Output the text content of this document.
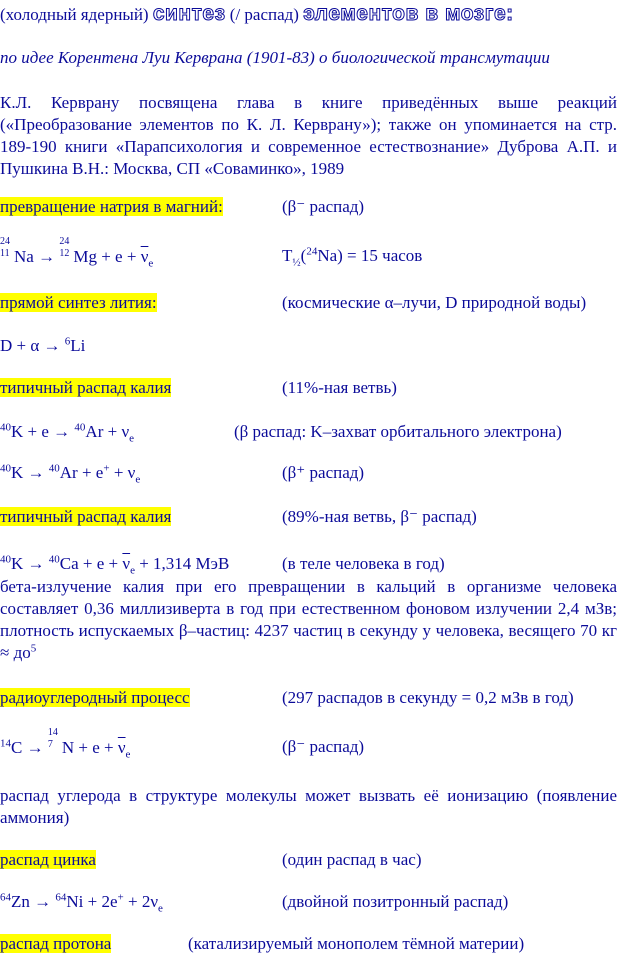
(холодный ядерный) синтез (/ распад) элементов в мозге:
по идее Корентена Луи Керврана (1901-83) о биологической трансмутации
К.Л. Керврану посвящена глава в книге приведённых выше реакций («Преобразование элементов по К. Л. Керврану»); также он упоминается на стр. 189-190 книги «Парапсихология и современное естествознание» Дуброва А.П. и Пушкина В.Н.: Москва, СП «Совaминко», 1989
превращение натрия в магний:	(β⁻ распад)
24
11 Na →
24
12 $Mg + e + \overline{\nu}_e$	$T_{\frac{1}{2}}(^{24}Na) = 15$ часов
прямой синтез лития:	(космические α–лучи, D природной воды)
D + α → $^6$Li
типичный распад калия	(11%-ная ветвь)
$^{40}K + e \to ^{40}Ar + \nu_e$	(β распад: K–захват орбитального электрона)
$^{40}K \to ^{40}Ar + e^+ + \nu_e$	(β⁺ распад)
типичный распад калия	(89%-ная ветвь, β⁻ распад)
$^{40}K \to ^{40}Ca + e + \overline{\nu}_e + 1,314$ МэВ	(в теле человека в год)
бета-излучение калия при его превращении в кальций в организме человека составляет 0,36 миллизиверта в год при естественном фоновом излучении 2,4 мЗв; плотность испускаемых β–частиц: 4237 частиц в секунду у человека, весящего 70 кг ≈ $до^5$
радиоуглеродный процесс	(297 распадов в секунду = 0,2 мЗв в год)
$^{14}$C →
14
7 $N + e + \overline{\nu}_e$	(β⁻ распад)
распад углерода в структуре молекулы может вызвать её ионизацию (появление аммония)
распад цинка	(один распад в час)
$^{64}Zn \to ^{64}Ni + 2e^+ + 2\nu_e$	(двойной позитронный распад)
распад протона	(катализируемый монополем тёмной материи)
